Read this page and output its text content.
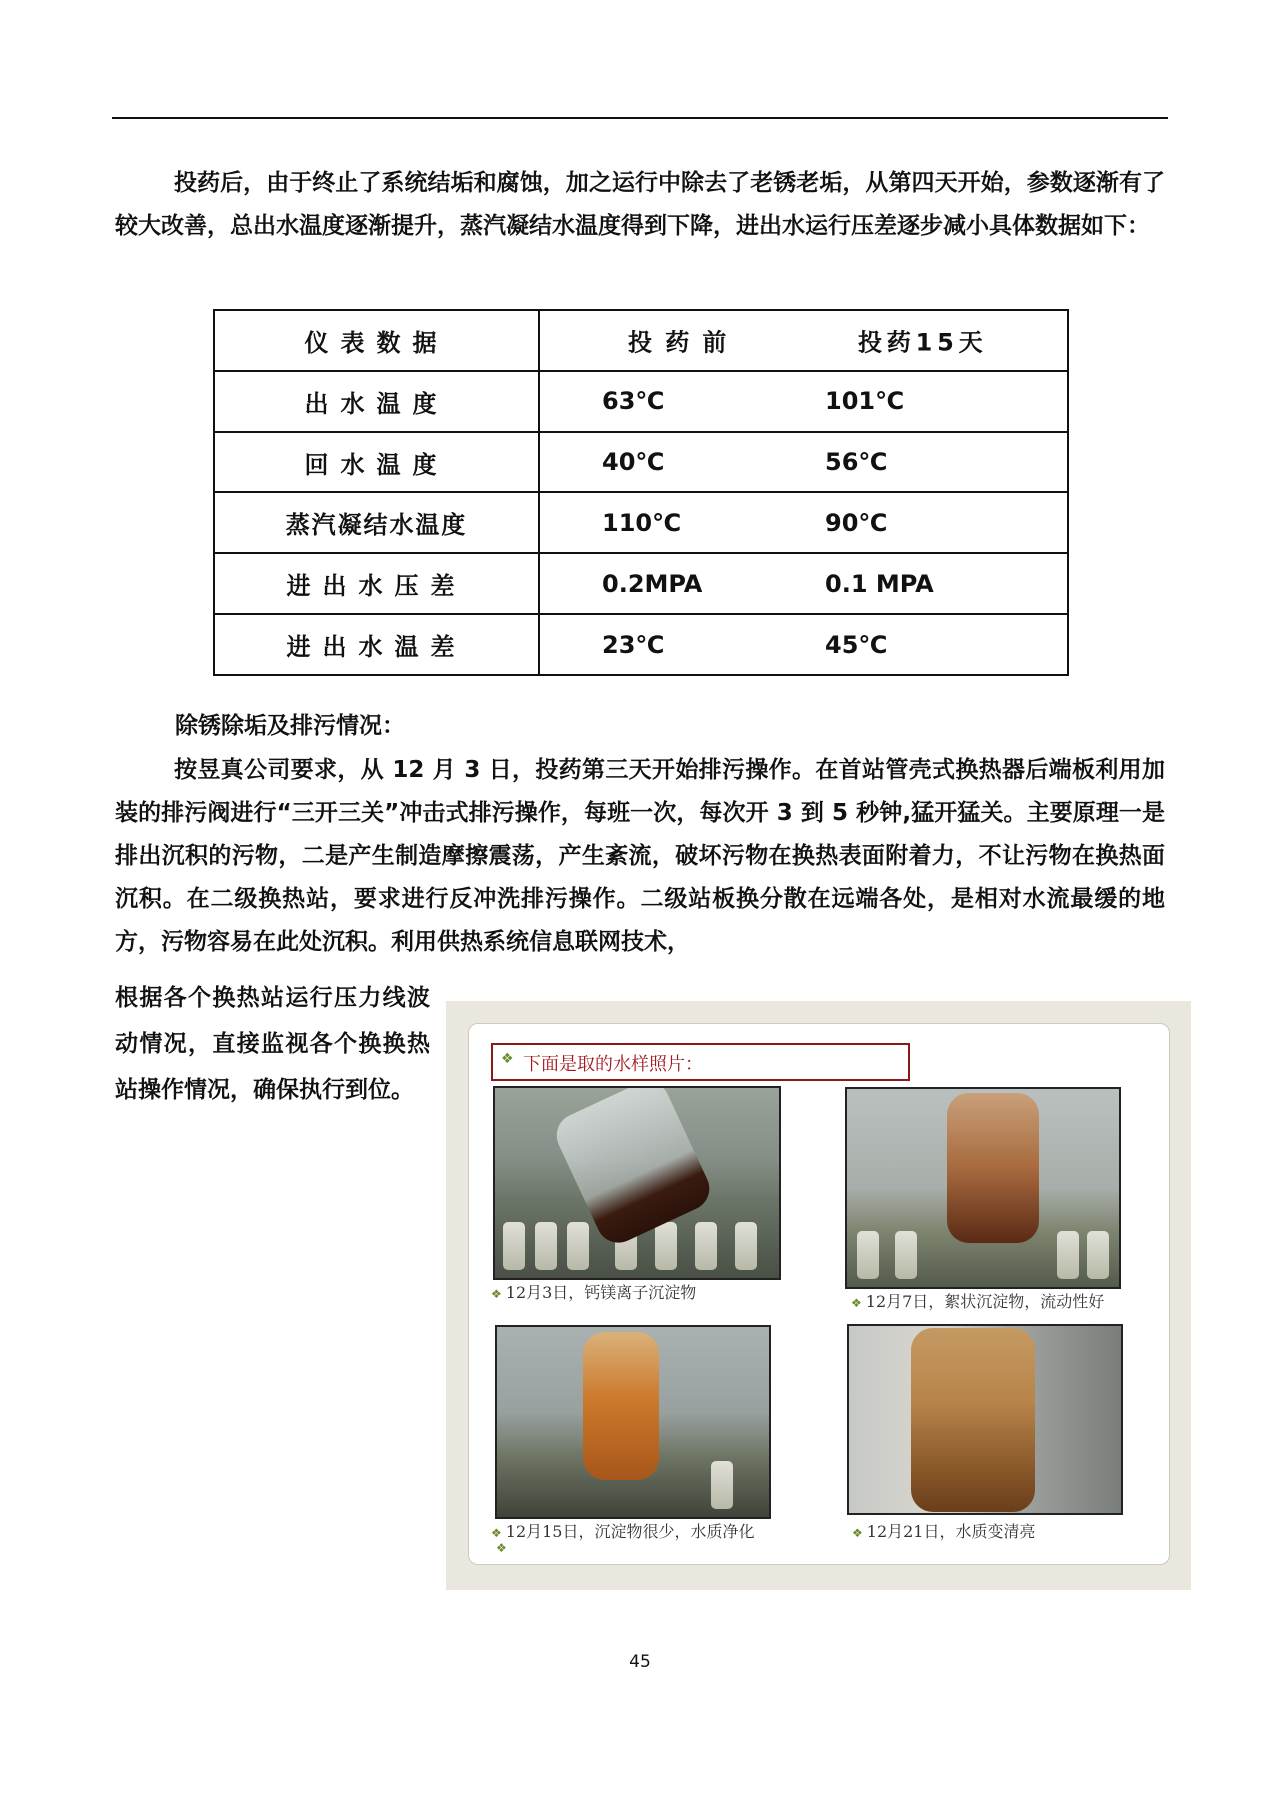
投药后，由于终止了系统结垢和腐蚀，加之运行中除去了老锈老垢，从第四天开始，参数逐渐有了较大改善，总出水温度逐渐提升，蒸汽凝结水温度得到下降，进出水运行压差逐步减小具体数据如下：

仪表数据	投药前 投药15天

出水温度	63℃ 101℃

回水温度	40℃ 56℃

蒸汽凝结水温度	110℃ 90℃

进出水压差	0.2MPA 0.1 MPA

进出水温差	23℃ 45℃

除锈除垢及排污情况：

按昱真公司要求，从 12 月 3 日，投药第三天开始排污操作。在首站管壳式换热器后端板利用加装的排污阀进行“三开三关”冲击式排污操作，每班一次，每次开 3 到 5 秒钟,猛开猛关。主要原理一是排出沉积的污物，二是产生制造摩擦震荡，产生紊流，破坏污物在换热表面附着力，不让污物在换热面沉积。在二级换热站，要求进行反冲洗排污操作。二级站板换分散在远端各处，是相对水流最缓的地方，污物容易在此处沉积。利用供热系统信息联网技术，

根据各个换热站运行压力线波动情况，直接监视各个换换热站操作情况，确保执行到位。

❖ 下面是取的水样照片：
❖ 12月3日，钙镁离子沉淀物
❖ 12月7日，絮状沉淀物，流动性好
❖ 12月15日，沉淀物很少，水质净化
❖
❖ 12月21日，水质变清亮
45
